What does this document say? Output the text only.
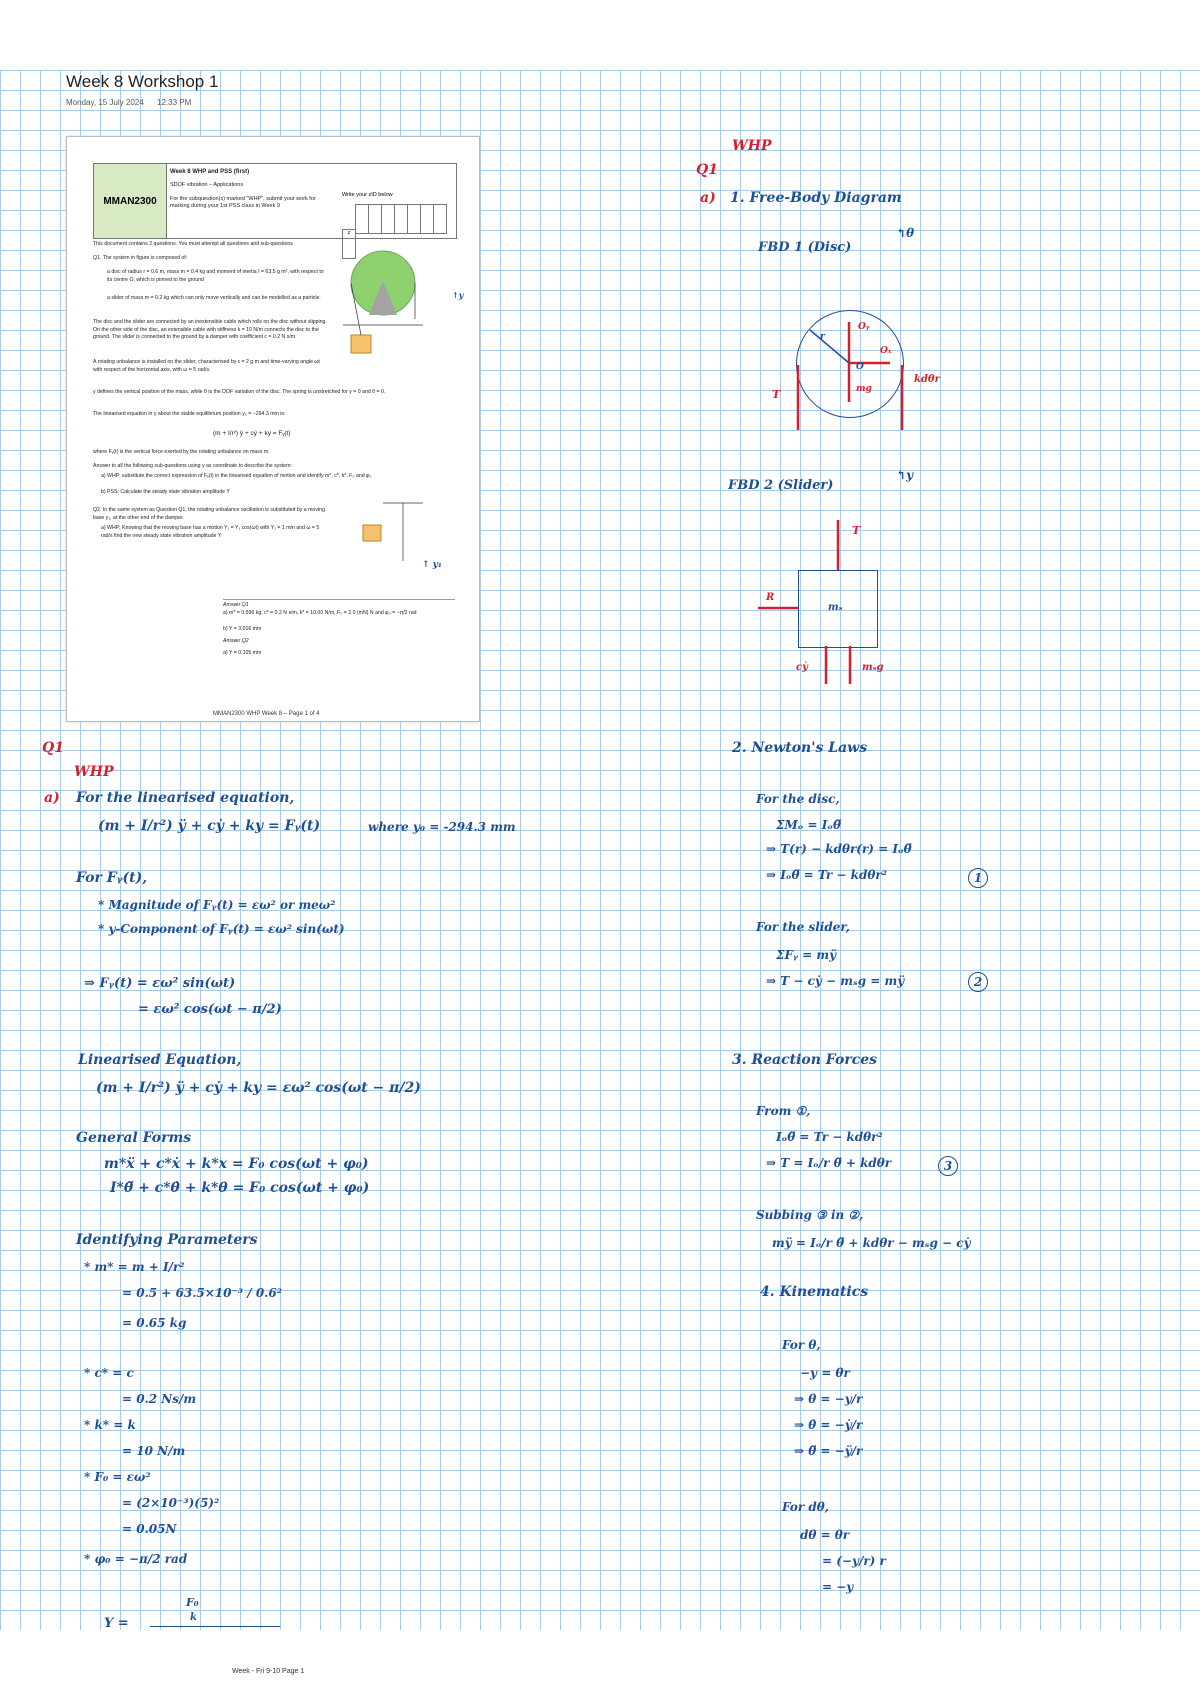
Week 8 Workshop 1
Monday, 15 July 2024 12:33 PM
MMAN2300
Week 8 WHP and PSS (first)
SDOF vibration – Applications
For the subquestion(s) marked "WHP", submit your work for marking during your 1st PSS class in Week 9
Write your zID below
z
This document contains 2 questions. You must attempt all questions and sub-questions
Q1. The system in figure is composed of:
a disc of radius r = 0.6 m, mass m = 0.4 kg and moment of inertia I = 63.5 g m², with respect to its centre O, which is pinned to the ground
a slider of mass m = 0.2 kg which can only move vertically and can be modelled as a particle.
The disc and the slider are connected by an inextensible cable which rolls on the disc without slipping. On the other side of the disc, an extensible cable with stiffness k = 10 N/m connects the disc to the ground. The slider is connected to the ground by a damper with coefficient c = 0.2 N s/m.
A rotating unbalance is installed on the slider, characterised by ε = 2 g m and time-varying angle ωt with respect of the horizontal axis, with ω = 5 rad/s.
y defines the vertical position of the mass, while θ is the DOF variation of the disc. The spring is unstretched for y = 0 and θ = 0.
The linearised equation in y about the stable equilibrium position y₀ = −294.3 mm is:
(m + I/r²) ÿ + cẏ + ky = Fᵧ(t)
where Fᵧ(t) is the vertical force exerted by the rotating unbalance on mass m.
Answer to all the following sub-questions using y as coordinate to describe the system:
a) WHP: substitute the correct expression of Fᵧ(t) in the linearised equation of motion and identify m*, c*, k*, F₀ and φ₀
b) PSS: Calculate the steady state vibration amplitude Y
Q2. In the same system as Question Q1, the rotating unbalance oscillation is substituted by a moving base y₁, at the other end of the damper.
a) WHP: Knowing that the moving base has a motion Y₁ = Y₁ cos(ωt) with Y₁ = 1 mm and ω = 5 rad/s find the new steady state vibration amplitude Y
Answer Q1
a) m* = 0.596 kg, c* = 0.2 N s/m, k* = 10.00 N/m, F₀ = 2.0 (mN) N and φ₀ = −π/2 rad
b) Y = 3.016 mm
Answer Q2
a) Y = 0.105 mm
MMAN2300 WHP Week 8 – Page 1 of 4
↑y
↑ y₁
Q1
WHP
a) For the linearised equation,
(m + I/r²) ÿ + cẏ + ky = Fᵧ(t)	where y₀ = -294.3 mm
For Fᵧ(t),
* Magnitude of Fᵧ(t) = εω² or meω²
* y-Component of Fᵧ(t) = εω² sin(ωt)
⇒ Fᵧ(t) = εω² sin(ωt)
= εω² cos(ωt − π/2)
Linearised Equation,
(m + I/r²) ÿ + cẏ + ky = εω² cos(ωt − π/2)
General Forms
m*ẍ + c*ẋ + k*x = F₀ cos(ωt + φ₀)
I*θ̈ + c*θ̇ + k*θ = F₀ cos(ωt + φ₀)
Identifying Parameters
* m* = m + I/r²
= 0.5 + 63.5×10⁻³ / 0.6²
= 0.65 kg
* c* = c
= 0.2 Ns/m
* k* = k
= 10 N/m
* F₀ = εω²
= (2×10⁻³)(5)²
= 0.05N
* φ₀ = −π/2 rad
Y =
F₀
k
WHP
Q1
a) 1. Free-Body Diagram
FBD 1 (Disc)
↰θ
T
kdθr
Oᵧ
Oₓ
mg
O
r
FBD 2 (Slider)
↰y
T
R
cẏ	mₛg
mₛ
2. Newton's Laws
For the disc,
ΣMₒ = Iₒθ̈
⇒ T(r) − kdθr(r) = Iₒθ̈
⇒ Iₒθ̈ = Tr − kdθr²	1
For the slider,
ΣFᵧ = mÿ
⇒ T − cẏ − mₛg = mÿ	2
3. Reaction Forces
From ①,
Iₒθ̈ = Tr − kdθr²
⇒ T = Iₒ/r θ̈ + kdθr	3
Subbing ③ in ②,
mÿ = Iₒ/r θ̈ + kdθr − mₛg − cẏ
4. Kinematics
For θ,
−y = θr
⇒ θ = −y/r
⇒ θ̇ = −ẏ/r
⇒ θ̈ = −ÿ/r
For dθ,
dθ = θr
= (−y/r) r
= −y
Week - Fri 9-10 Page 1
